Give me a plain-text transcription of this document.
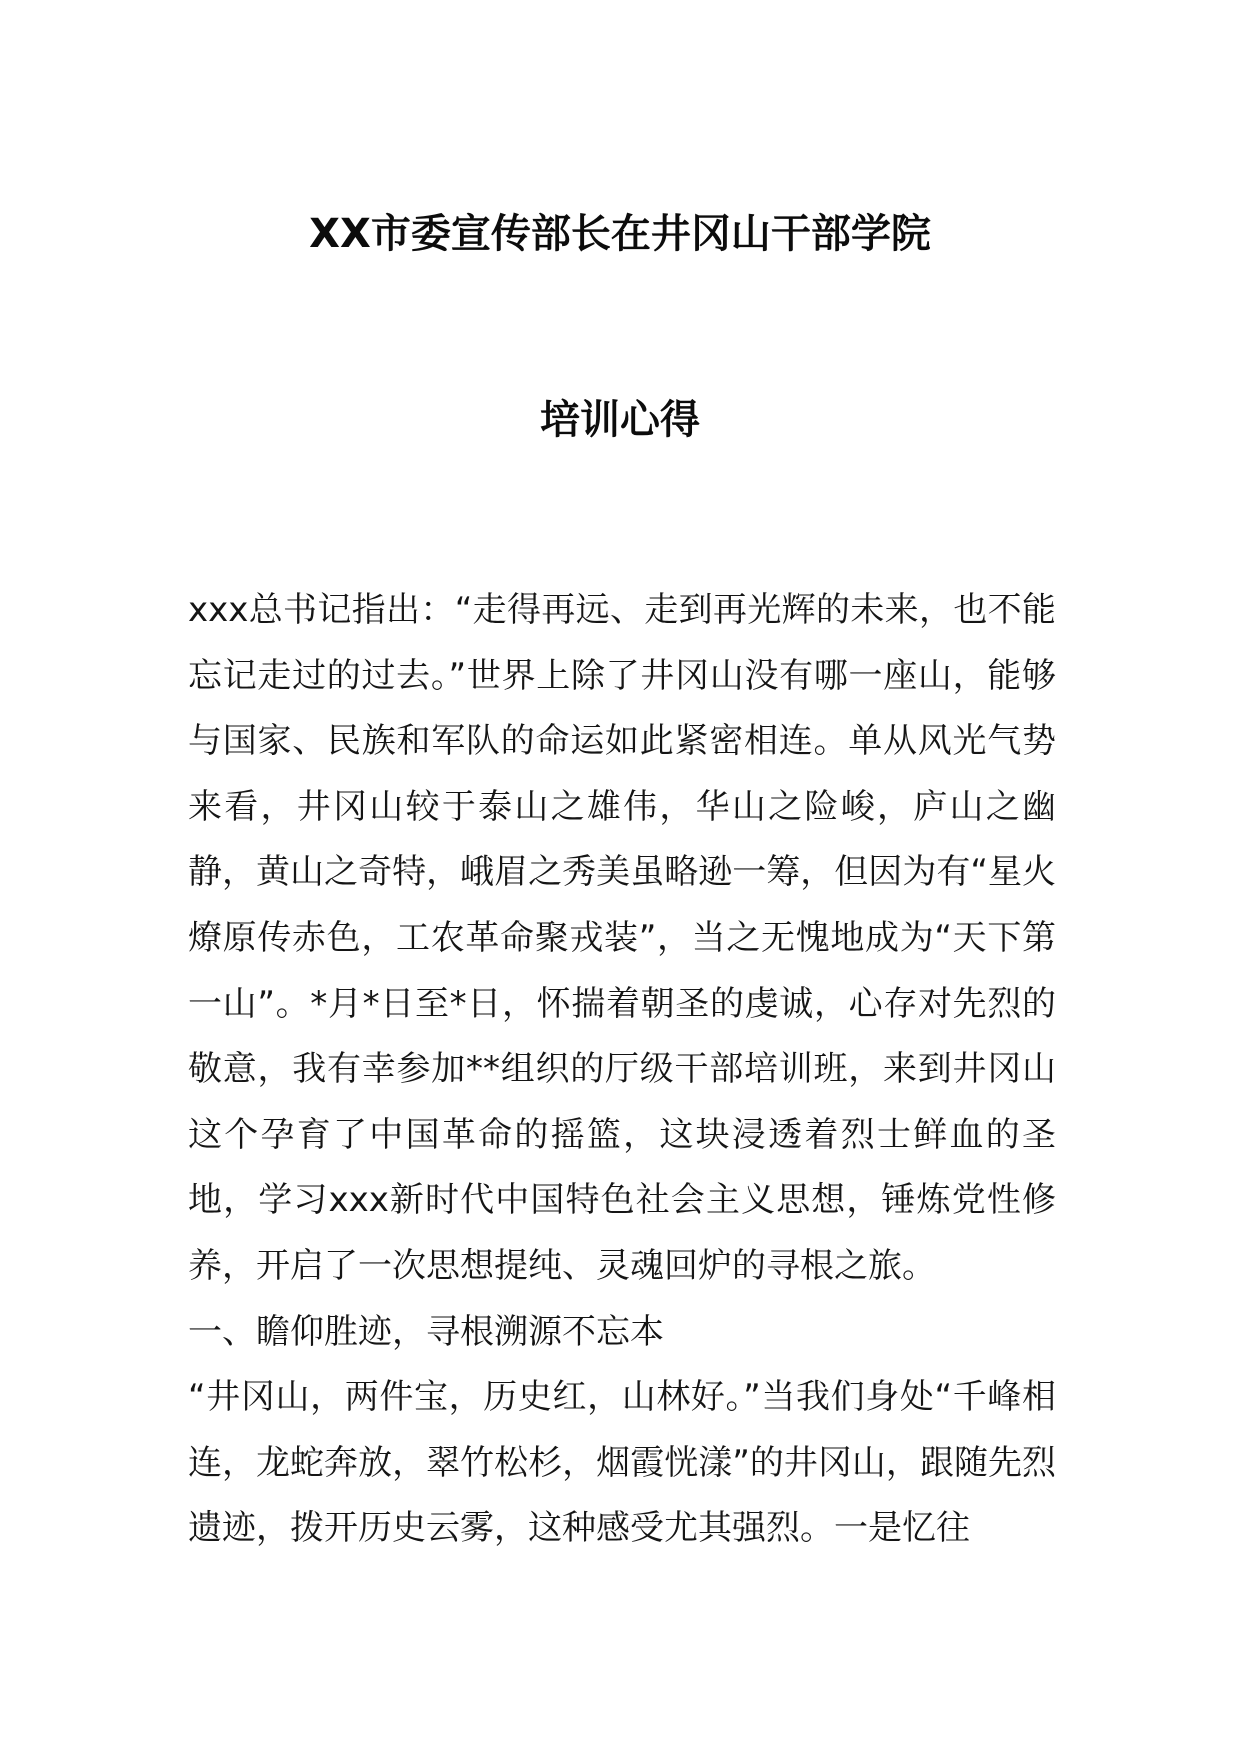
XX市委宣传部长在井冈山干部学院
培训心得

xxx总书记指出：“走得再远、走到再光辉的未来，也不能忘记走过的过去。”世界上除了井冈山没有哪一座山，能够与国家、民族和军队的命运如此紧密相连。单从风光气势来看，井冈山较于泰山之雄伟，华山之险峻，庐山之幽静，黄山之奇特，峨眉之秀美虽略逊一筹，但因为有“星火燎原传赤色，工农革命聚戎装”，当之无愧地成为“天下第一山”。*月*日至*日，怀揣着朝圣的虔诚，心存对先烈的敬意，我有幸参加**组织的厅级干部培训班，来到井冈山这个孕育了中国革命的摇篮，这块浸透着烈士鲜血的圣地，学习xxx新时代中国特色社会主义思想，锤炼党性修养，开启了一次思想提纯、灵魂回炉的寻根之旅。

一、瞻仰胜迹，寻根溯源不忘本

“井冈山，两件宝，历史红，山林好。”当我们身处“千峰相连，龙蛇奔放，翠竹松杉，烟霞恍漾”的井冈山，跟随先烈遗迹，拨开历史云雾，这种感受尤其强烈。一是忆往
